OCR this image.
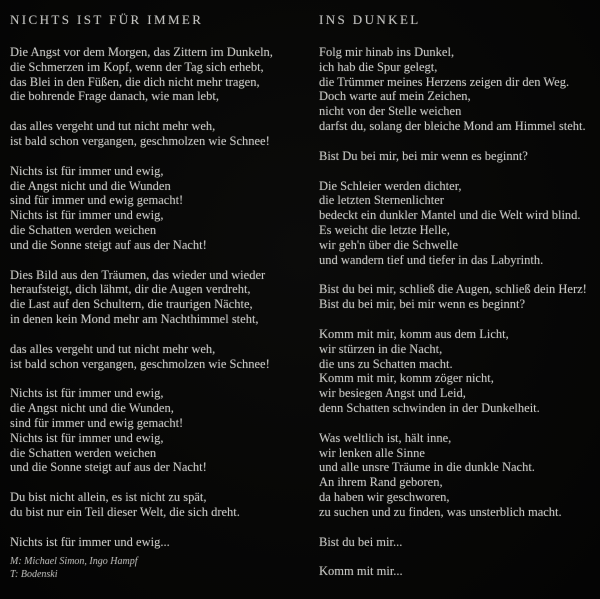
NICHTS IST FÜR IMMER
Die Angst vor dem Morgen, das Zittern im Dunkeln,
die Schmerzen im Kopf, wenn der Tag sich erhebt,
das Blei in den Füßen, die dich nicht mehr tragen,
die bohrende Frage danach, wie man lebt,
das alles vergeht und tut nicht mehr weh,
ist bald schon vergangen, geschmolzen wie Schnee!
Nichts ist für immer und ewig,
die Angst nicht und die Wunden
sind für immer und ewig gemacht!
Nichts ist für immer und ewig,
die Schatten werden weichen
und die Sonne steigt auf aus der Nacht!
Dies Bild aus den Träumen, das wieder und wieder
heraufsteigt, dich lähmt, dir die Augen verdreht,
die Last auf den Schultern, die traurigen Nächte,
in denen kein Mond mehr am Nachthimmel steht,
das alles vergeht und tut nicht mehr weh,
ist bald schon vergangen, geschmolzen wie Schnee!
Nichts ist für immer und ewig,
die Angst nicht und die Wunden,
sind für immer und ewig gemacht!
Nichts ist für immer und ewig,
die Schatten werden weichen
und die Sonne steigt auf aus der Nacht!
Du bist nicht allein, es ist nicht zu spät,
du bist nur ein Teil dieser Welt, die sich dreht.
Nichts ist für immer und ewig...
M: Michael Simon, Ingo Hampf
T: Bodenski
INS DUNKEL
Folg mir hinab ins Dunkel,
ich hab die Spur gelegt,
die Trümmer meines Herzens zeigen dir den Weg.
Doch warte auf mein Zeichen,
nicht von der Stelle weichen
darfst du, solang der bleiche Mond am Himmel steht.
Bist Du bei mir, bei mir wenn es beginnt?
Die Schleier werden dichter,
die letzten Sternenlichter
bedeckt ein dunkler Mantel und die Welt wird blind.
Es weicht die letzte Helle,
wir geh'n über die Schwelle
und wandern tief und tiefer in das Labyrinth.
Bist du bei mir, schließ die Augen, schließ dein Herz!
Bist du bei mir, bei mir wenn es beginnt?
Komm mit mir, komm aus dem Licht,
wir stürzen in die Nacht,
die uns zu Schatten macht.
Komm mit mir, komm zöger nicht,
wir besiegen Angst und Leid,
denn Schatten schwinden in der Dunkelheit.
Was weltlich ist, hält inne,
wir lenken alle Sinne
und alle unsre Träume in die dunkle Nacht.
An ihrem Rand geboren,
da haben wir geschworen,
zu suchen und zu finden, was unsterblich macht.
Bist du bei mir...
Komm mit mir...
